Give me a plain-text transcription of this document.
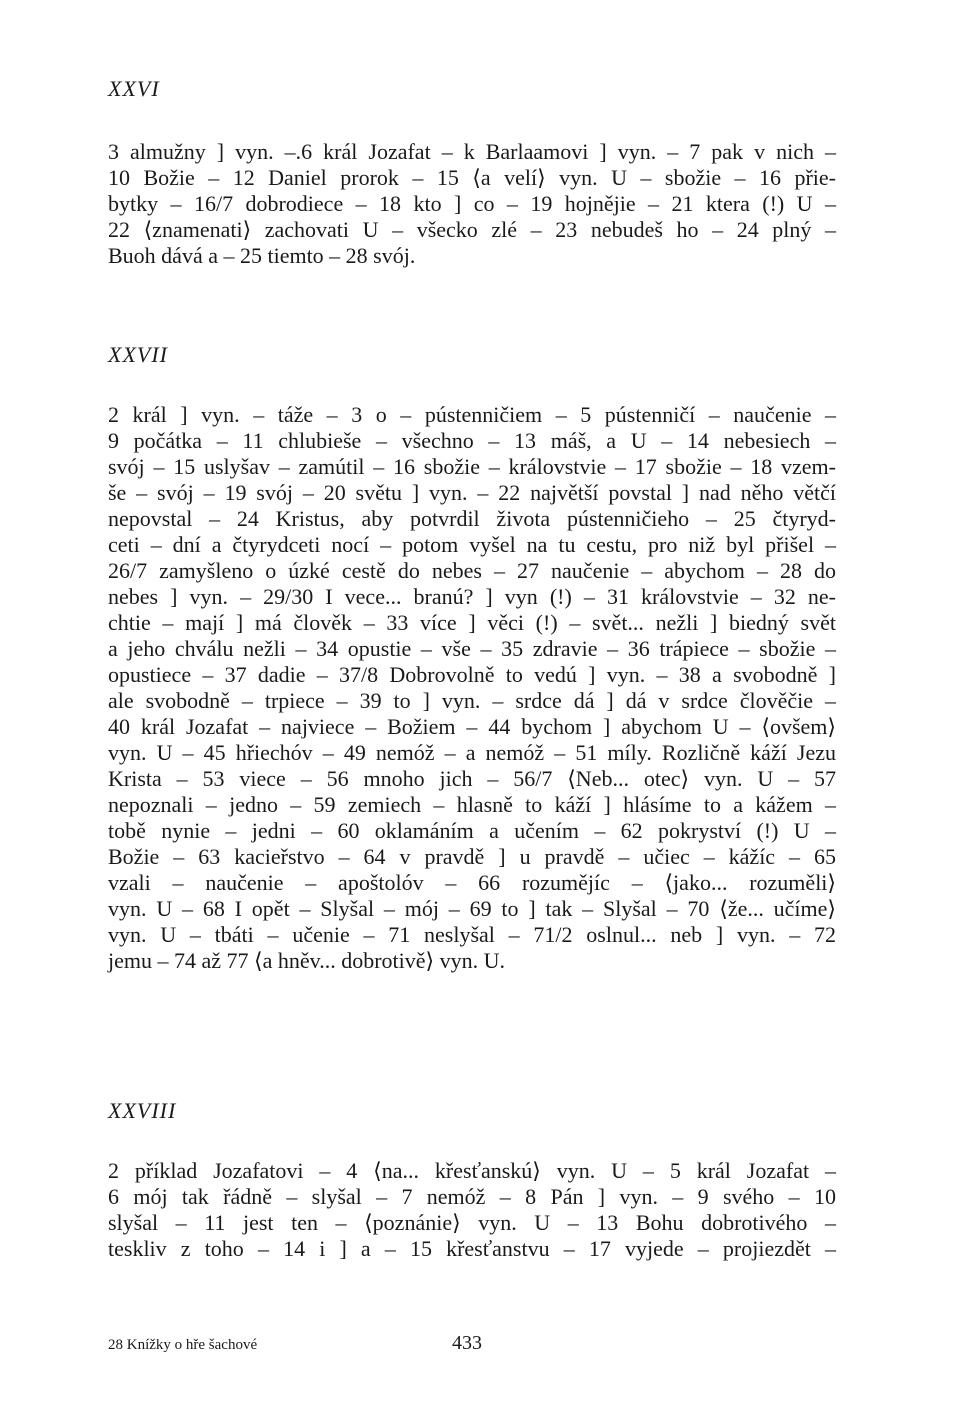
XXVI
3 almužny ] vyn. –.6 král Jozafat – k Barlaamovi ] vyn. – 7 pak v nich –
10 Božie – 12 Daniel prorok – 15 ⟨a velí⟩ vyn. U – sbožie – 16 přie-
bytky – 16/7 dobrodiece – 18 kto ] co – 19 hojnějie – 21 ktera (!) U –
22 ⟨znamenati⟩ zachovati U – všecko zlé – 23 nebudeš ho – 24 plný –
Buoh dává a – 25 tiemto – 28 svój.
XXVII
2 král ] vyn. – táže – 3 o – pústenničiem – 5 pústenničí – naučenie –
9 počátka – 11 chlubieše – všechno – 13 máš, a U – 14 nebesiech –
svój – 15 uslyšav – zamútil – 16 sbožie – královstvie – 17 sbožie – 18 vzem-
še – svój – 19 svój – 20 světu ] vyn. – 22 najvětší povstal ] nad něho větčí
nepovstal – 24 Kristus, aby potvrdil života pústenničieho – 25 čtyryd-
ceti – dní a čtyrydceti nocí – potom vyšel na tu cestu, pro niž byl přišel –
26/7 zamyšleno o úzké cestě do nebes – 27 naučenie – abychom – 28 do
nebes ] vyn. – 29/30 I vece... branú? ] vyn (!) – 31 královstvie – 32 ne-
chtie – mají ] má člověk – 33 více ] věci (!) – svět... nežli ] biedný svět
a jeho chválu nežli – 34 opustie – vše – 35 zdravie – 36 trápiece – sbožie –
opustiece – 37 dadie – 37/8 Dobrovolně to vedú ] vyn. – 38 a svobodně ]
ale svobodně – trpiece – 39 to ] vyn. – srdce dá ] dá v srdce člověčie –
40 král Jozafat – najviece – Božiem – 44 bychom ] abychom U – ⟨ovšem⟩
vyn. U – 45 hřiechóv – 49 nemóž – a nemóž – 51 míly. Rozličně káží Jezu
Krista – 53 viece – 56 mnoho jich – 56/7 ⟨Neb... otec⟩ vyn. U – 57
nepoznali – jedno – 59 zemiech – hlasně to káží ] hlásíme to a kážem –
tobě nynie – jedni – 60 oklamáním a učením – 62 pokryství (!) U –
Božie – 63 kacieřstvo – 64 v pravdě ] u pravdě – učiec – kážíc – 65
vzali – naučenie – apoštolóv – 66 rozumějíc – ⟨jako... rozuměli⟩
vyn. U – 68 I opět – Slyšal – mój – 69 to ] tak – Slyšal – 70 ⟨že... učíme⟩
vyn. U – tbáti – učenie – 71 neslyšal – 71/2 oslnul... neb ] vyn. – 72
jemu – 74 až 77 ⟨a hněv... dobrotivě⟩ vyn. U.
XXVIII
2 příklad Jozafatovi – 4 ⟨na... křesťanskú⟩ vyn. U – 5 král Jozafat –
6 mój tak řádně – slyšal – 7 nemóž – 8 Pán ] vyn. – 9 svého – 10
slyšal – 11 jest ten – ⟨poznánie⟩ vyn. U – 13 Bohu dobrotivého –
teskliv z toho – 14 i ] a – 15 křesťanstvu – 17 vyjede – projiezdět –
28 Knížky o hře šachové	433
